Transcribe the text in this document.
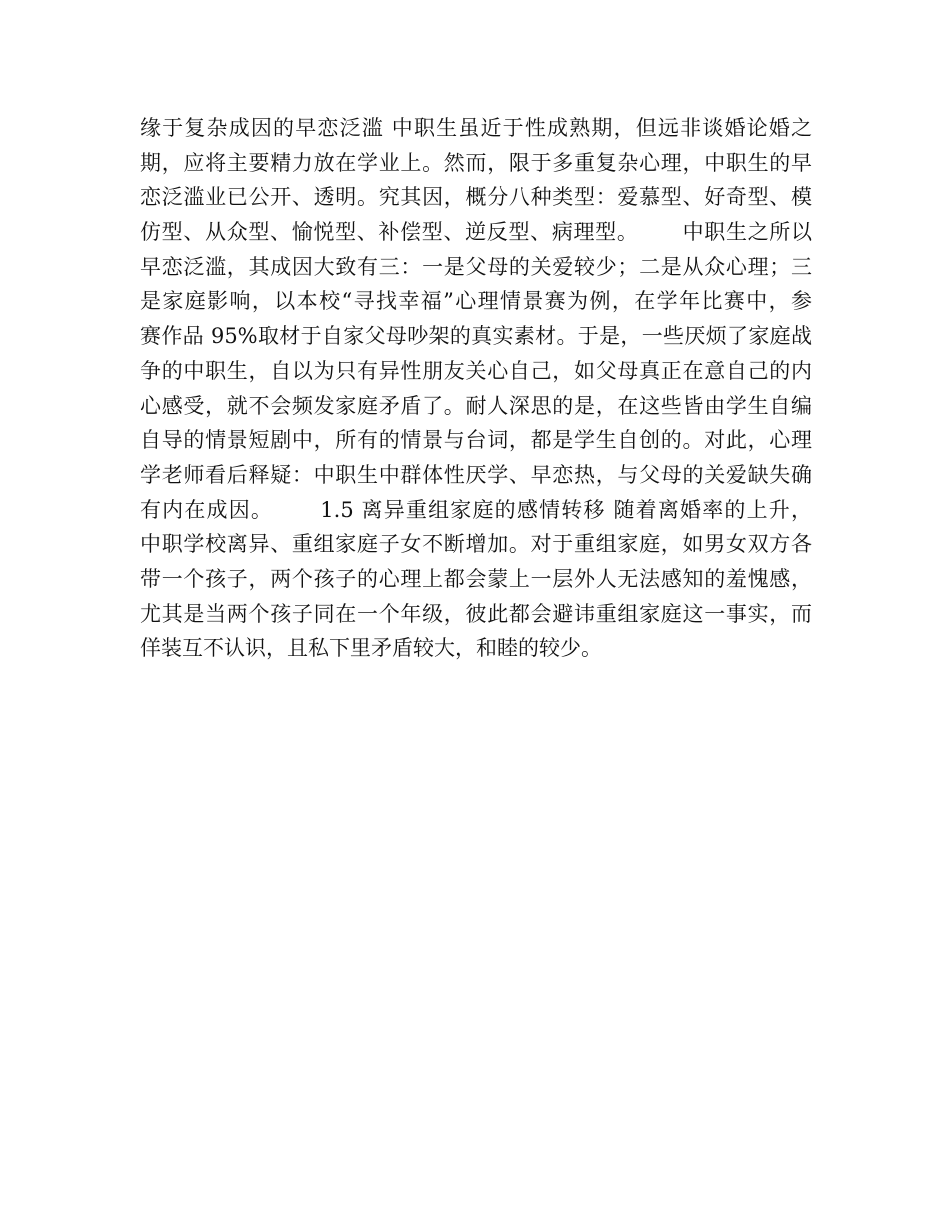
缘于复杂成因的早恋泛滥 中职生虽近于性成熟期，但远非谈婚论婚之
期，应将主要精力放在学业上。然而，限于多重复杂心理，中职生的早
恋泛滥业已公开、透明。究其因，概分八种类型：爱慕型、好奇型、模
仿型、从众型、愉悦型、补偿型、逆反型、病理型。      中职生之所以
早恋泛滥，其成因大致有三：一是父母的关爱较少；二是从众心理；三
是家庭影响，以本校“寻找幸福”心理情景赛为例，在学年比赛中，参
赛作品 95%取材于自家父母吵架的真实素材。于是，一些厌烦了家庭战
争的中职生，自以为只有异性朋友关心自己，如父母真正在意自己的内
心感受，就不会频发家庭矛盾了。耐人深思的是，在这些皆由学生自编
自导的情景短剧中，所有的情景与台词，都是学生自创的。对此，心理
学老师看后释疑：中职生中群体性厌学、早恋热，与父母的关爱缺失确
有内在成因。      1.5 离异重组家庭的感情转移 随着离婚率的上升，
中职学校离异、重组家庭子女不断增加。对于重组家庭，如男女双方各
带一个孩子，两个孩子的心理上都会蒙上一层外人无法感知的羞愧感，
尤其是当两个孩子同在一个年级，彼此都会避讳重组家庭这一事实，而
佯装互不认识，且私下里矛盾较大，和睦的较少。
